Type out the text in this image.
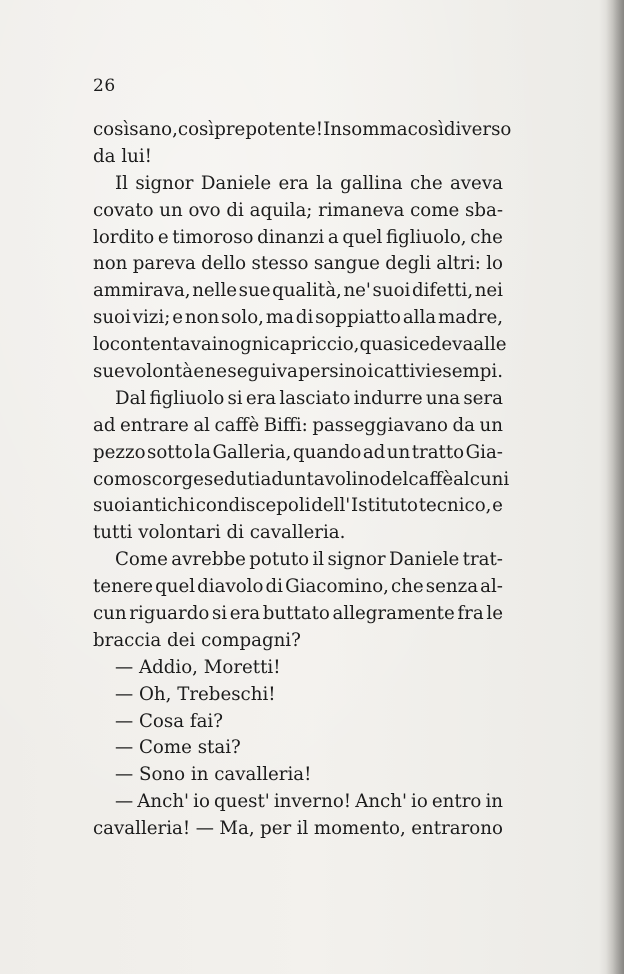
26
così sano, così prepotente! Insomma così diverso
da lui!
Il signor Daniele era la gallina che aveva
covato un ovo di aquila; rimaneva come sba-
lordito e timoroso dinanzi a quel figliuolo, che
non pareva dello stesso sangue degli altri: lo
ammirava, nelle sue qualità, ne' suoi difetti, nei
suoi vizi; e non solo, ma di soppiatto alla madre,
lo contentava in ogni capriccio, quasi cedeva alle
sue volontà e ne seguiva persino i cattivi esempi.
Dal figliuolo si era lasciato indurre una sera
ad entrare al caffè Biffi: passeggiavano da un
pezzo sotto la Galleria, quando ad un tratto Gia-
como scorge seduti ad un tavolino del caffè alcuni
suoi antichi condiscepoli dell' Istituto tecnico, e
tutti volontari di cavalleria.
Come avrebbe potuto il signor Daniele trat-
tenere quel diavolo di Giacomino, che senza al-
cun riguardo si era buttato allegramente fra le
braccia dei compagni?
— Addio, Moretti!
— Oh, Trebeschi!
— Cosa fai?
— Come stai?
— Sono in cavalleria!
— Anch' io quest' inverno! Anch' io entro in
cavalleria! — Ma, per il momento, entrarono
